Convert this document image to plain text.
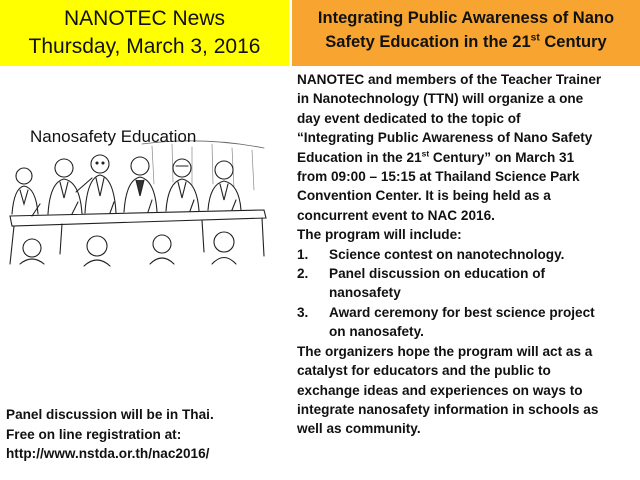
NANOTEC News
Thursday, March 3, 2016
Integrating Public Awareness of Nano
Safety Education in the 21st Century
Nanosafety Education
Panel discussion will be in Thai.
Free on line registration at:
http://www.nstda.or.th/nac2016/
NANOTEC and members of the Teacher Trainer
in Nanotechnology (TTN) will organize a one
day event dedicated to the topic of
“Integrating Public Awareness of Nano Safety
Education in the 21st Century” on March 31
from 09:00 – 15:15 at Thailand Science Park
Convention Center. It is being held as a
concurrent event to NAC 2016.
The program will include:
1.	Science contest on nanotechnology.
2.	Panel discussion on education of
nanosafety
3.	Award ceremony for best science project
on nanosafety.
The organizers hope the program will act as a
catalyst for educators and the public to
exchange ideas and experiences on ways to
integrate nanosafety information in schools as
well as community.
